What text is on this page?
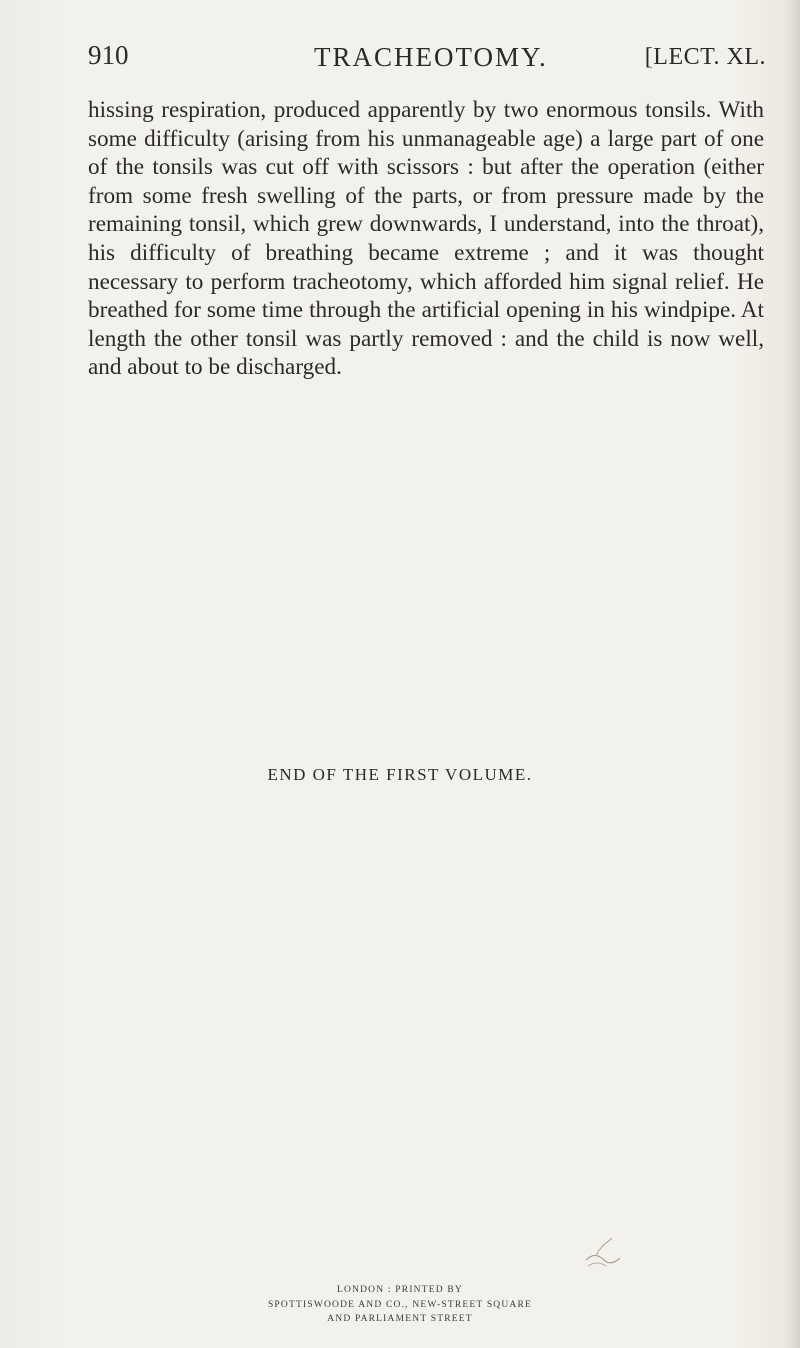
910	TRACHEOTOMY.	[LECT. XL.

hissing respiration, produced apparently by two enormous tonsils. With some difficulty (arising from his unmanageable age) a large part of one of the tonsils was cut off with scissors : but after the operation (either from some fresh swelling of the parts, or from pressure made by the remaining tonsil, which grew downwards, I understand, into the throat), his difficulty of breathing became extreme ; and it was thought necessary to perform tracheotomy, which afforded him signal relief. He breathed for some time through the artificial opening in his windpipe. At length the other tonsil was partly removed : and the child is now well, and about to be discharged.

END OF THE FIRST VOLUME.
LONDON : PRINTED BY
SPOTTISWOODE AND CO., NEW-STREET SQUARE
AND PARLIAMENT STREET
